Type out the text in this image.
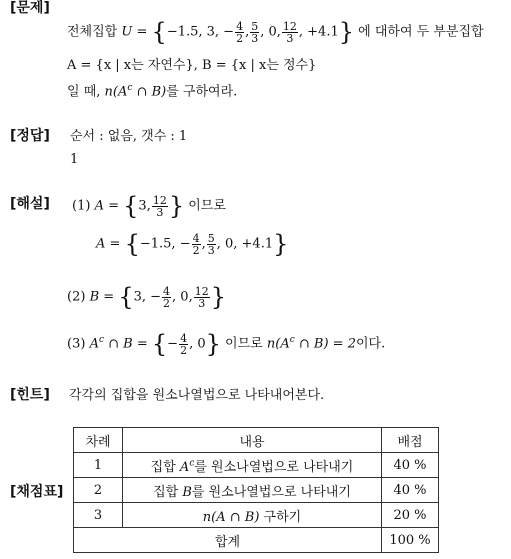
[문제]
전체집합 U = {−1.5, 3, − $\frac{4}{2}$ , $\frac{5}{3}$ , 0, $\frac{12}{3}$ , +4.1} 에 대하여 두 부분집합
A = {x | x는 자연수}, B = {x | x는 정수}
일 때, $n(A^c$ ∩ B)를 구하여라.
[정답] 순서 : 없음, 갯수 : 1
1
[해설] (1) A = {3, $\frac{12}{3}$ } 이므로
A = {−1.5, − $\frac{4}{2}$ , $\frac{5}{3}$ , 0, +4.1}
(2) B = {3, − $\frac{4}{2}$ , 0, $\frac{12}{3}$ }
(3) $A^c$ ∩ B = {− $\frac{4}{2}$ , 0} 이므로 $n(A^c$ ∩ B) = 2이다.
[힌트] 각각의 집합을 원소나열법으로 나타내어본다.
[채점표]
차례	내용	배점
1	집합 $A^c$를 원소나열법으로 나타내기	40 %
2	집합 B를 원소나열법으로 나타내기	40 %
3	n(A ∩ B) 구하기	20 %
합계		100 %
